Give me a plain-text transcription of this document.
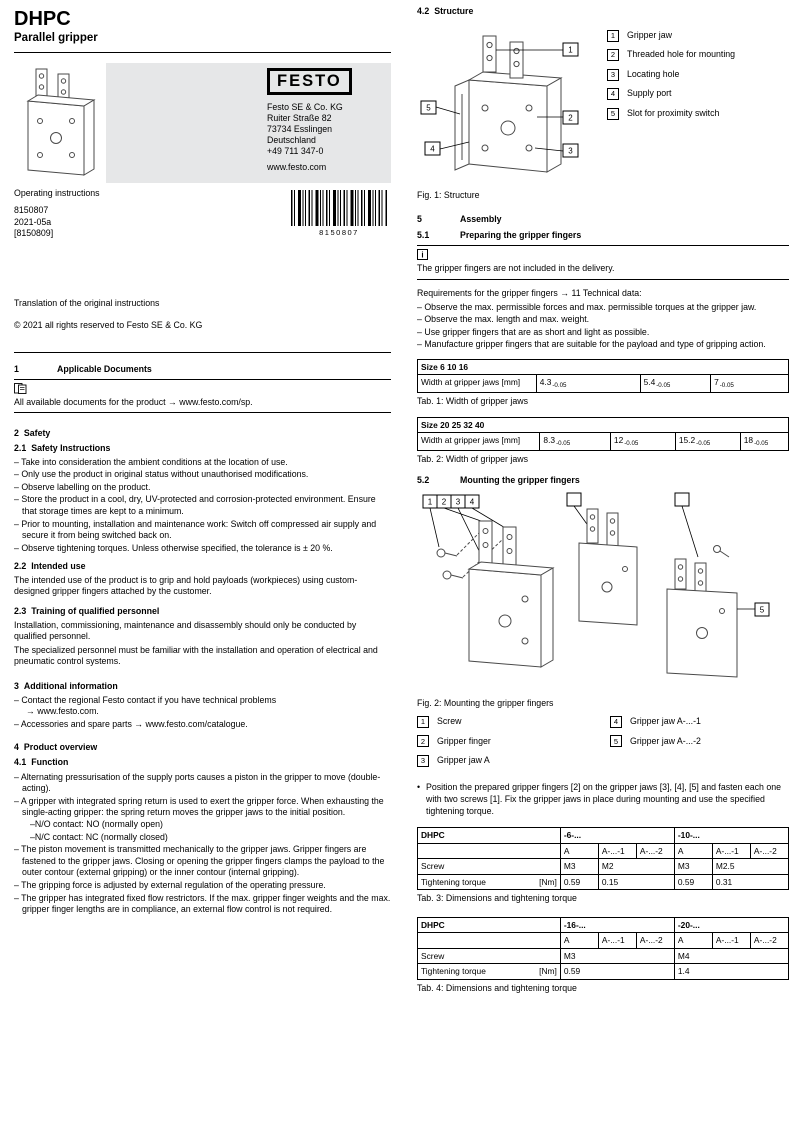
DHPC
Parallel gripper
FESTO
Festo SE & Co. KG
Ruiter Straße 82
73734 Esslingen
Deutschland
+49 711 347-0
www.festo.com
Operating instructions
8150807
2021-05a
[8150809]	8150807
Translation of the original instructions
© 2021 all rights reserved to Festo SE & Co. KG
1	Applicable Documents
All available documents for the product → www.festo.com/sp.
2 Safety
2.1 Safety Instructions
– Take into consideration the ambient conditions at the location of use.
– Only use the product in original status without unauthorised modifications.
– Observe labelling on the product.
– Store the product in a cool, dry, UV-protected and corrosion-protected environment. Ensure that storage times are kept to a minimum.
– Prior to mounting, installation and maintenance work: Switch off compressed air supply and secure it from being switched back on.
– Observe tightening torques. Unless otherwise specified, the tolerance is ± 20 %.
2.2 Intended use

The intended use of the product is to grip and hold payloads (workpieces) using custom-designed gripper fingers attached by the customer.

2.3 Training of qualified personnel

Installation, commissioning, maintenance and disassembly should only be conducted by qualified personnel.

The specialized personnel must be familiar with the installation and operation of electrical and pneumatic control systems.

3 Additional information
– Contact the regional Festo contact if you have technical problems
→ www.festo.com.
– Accessories and spare parts → www.festo.com/catalogue.
4 Product overview
4.1 Function
– Alternating pressurisation of the supply ports causes a piston in the gripper to move (double-acting).
– A gripper with integrated spring return is used to exert the gripper force. When exhausting the single-acting gripper: the spring return moves the gripper jaws to the initial position.
–N/O contact: NO (normally open)
–N/C contact: NC (normally closed)
– The piston movement is transmitted mechanically to the gripper jaws. Gripper fingers are fastened to the gripper jaws. Closing or opening the gripper fingers clamps the payload to the outer contour (external gripping) or the inner contour (internal gripping).
– The gripping force is adjusted by external regulation of the operating pressure.
– The gripper has integrated fixed flow restrictors. If the max. gripper finger weights and the max. gripper finger lengths are in compliance, an external flow control is not required.
4.2 Structure
1
5
2
4	3
1	Gripper jaw
2	Threaded hole for mounting
3	Locating hole
4	Supply port
5	Slot for proximity switch
Fig. 1: Structure
5	Assembly
5.1	Preparing the gripper fingers
i
The gripper fingers are not included in the delivery.

Requirements for the gripper fingers → 11 Technical data:

– Observe the max. permissible forces and max. permissible torques at the gripper jaw.
– Observe the max. length and max. weight.
– Use gripper fingers that are as short and light as possible.
– Manufacture gripper fingers that are suitable for the payload and type of gripping action.
Size 6 10 16
Width at gripper jaws [mm]	$4.3_{-0.05}$	$5.4_{-0.05}$	$7_{-0.05}$
Tab. 1: Width of gripper jaws
Size 20 25 32 40
Width at gripper jaws [mm]	$8.3_{-0.05}$	$12_{-0.05}$	$15.2_{-0.05}$	$18_{-0.05}$
Tab. 2: Width of gripper jaws
5.2	Mounting the gripper fingers
1 2 3 4
5
Fig. 2: Mounting the gripper fingers
1	Screw
2	Gripper finger
3	Gripper jaw A
4	Gripper jaw A-...-1
5	Gripper jaw A-...-2
• Position the prepared gripper fingers [2] on the gripper jaws [3], [4], [5] and fasten each one with two screws [1]. Fix the gripper jaws in place during mounting and use the specified tightening torque.
DHPC	-6-...			-10-...		
	A	A-...-1	A-...-2	A	A-...-1	A-...-2
Screw	M3	M2		M3	M2.5	

Tightening torque [Nm]	0.59	0.15		0.59	0.31	
Tab. 3: Dimensions and tightening torque
DHPC	-16-...			-20-...		
	A	A-...-1	A-...-2	A	A-...-1	A-...-2
Screw	M3			M4		

Tightening torque [Nm]	0.59			1.4		
Tab. 4: Dimensions and tightening torque
